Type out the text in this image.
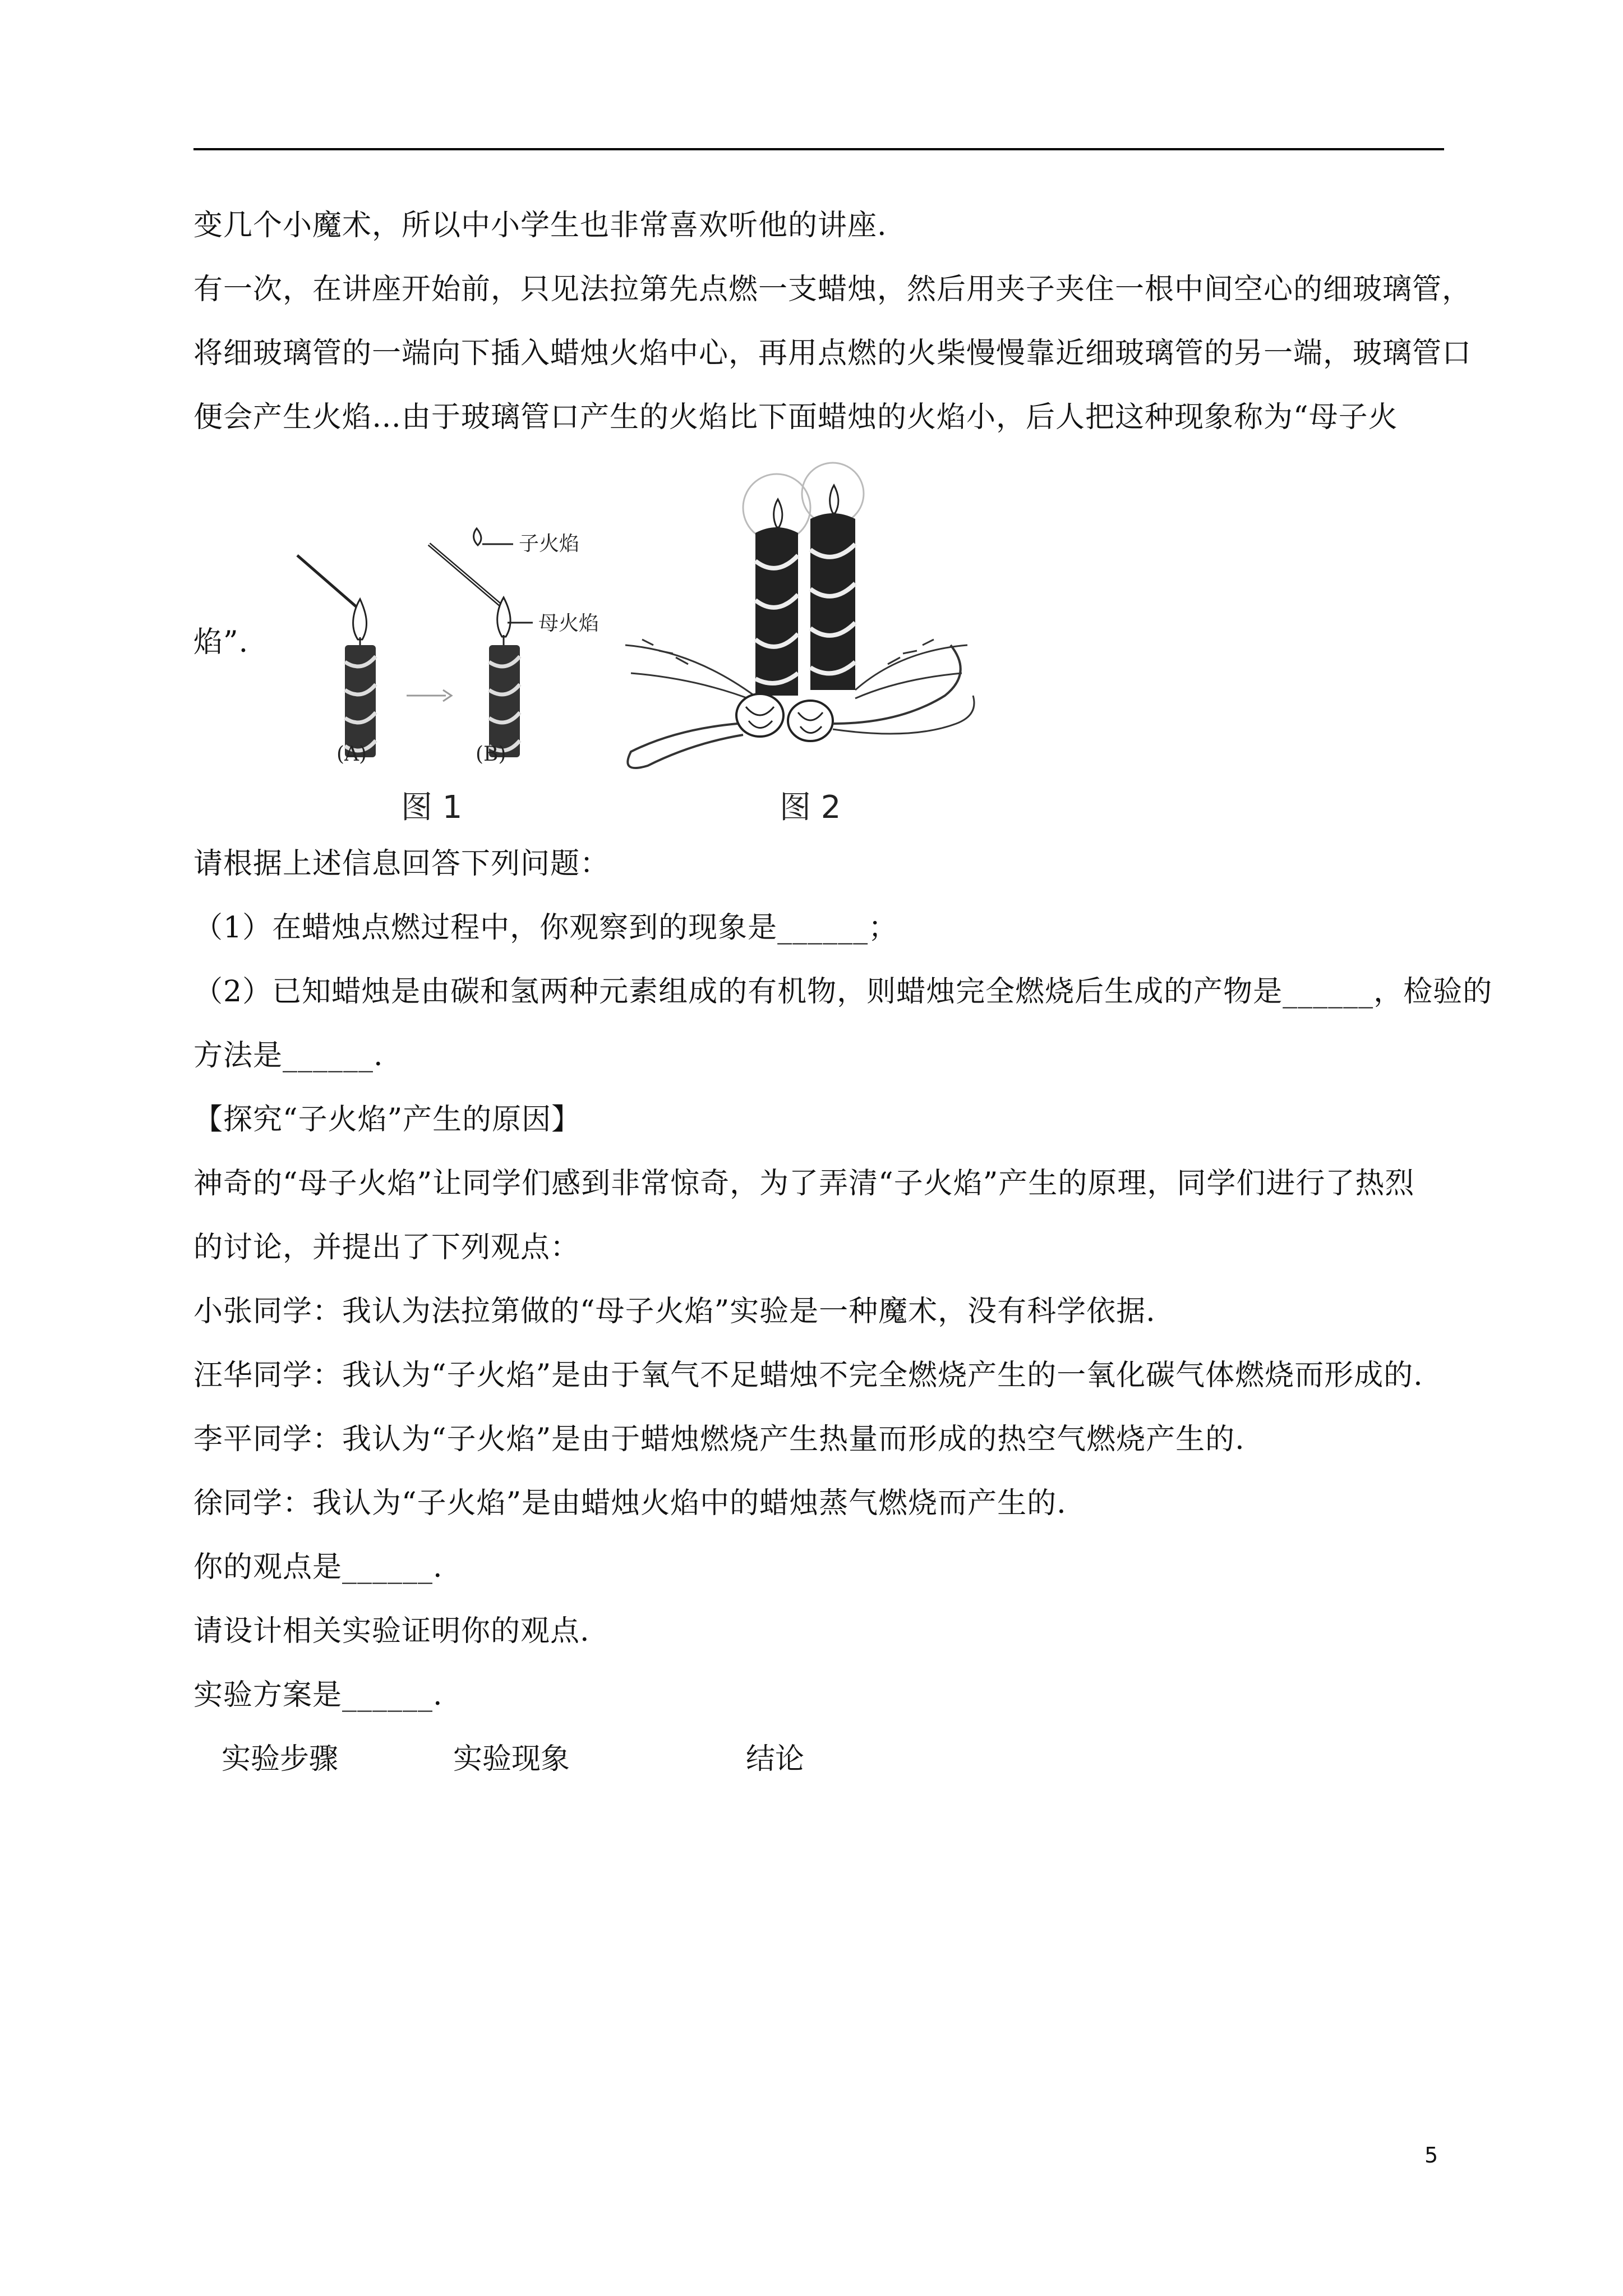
变几个小魔术，所以中小学生也非常喜欢听他的讲座.
有一次，在讲座开始前，只见法拉第先点燃一支蜡烛，然后用夹子夹住一根中间空心的细玻璃管，
将细玻璃管的一端向下插入蜡烛火焰中心，再用点燃的火柴慢慢靠近细玻璃管的另一端，玻璃管口
便会产生火焰…由于玻璃管口产生的火焰比下面蜡烛的火焰小，后人把这种现象称为“母子火
焰”.
子火焰
母火焰
(A)	(B)
图 1	图 2
请根据上述信息回答下列问题：
（1）在蜡烛点燃过程中，你观察到的现象是______；
（2）已知蜡烛是由碳和氢两种元素组成的有机物，则蜡烛完全燃烧后生成的产物是______，检验的
方法是______.
【探究“子火焰”产生的原因】
神奇的“母子火焰”让同学们感到非常惊奇，为了弄清“子火焰”产生的原理，同学们进行了热烈
的讨论，并提出了下列观点：
小张同学：我认为法拉第做的“母子火焰”实验是一种魔术，没有科学依据.
汪华同学：我认为“子火焰”是由于氧气不足蜡烛不完全燃烧产生的一氧化碳气体燃烧而形成的.
李平同学：我认为“子火焰”是由于蜡烛燃烧产生热量而形成的热空气燃烧产生的.
徐同学：我认为“子火焰”是由蜡烛火焰中的蜡烛蒸气燃烧而产生的.
你的观点是______.
请设计相关实验证明你的观点.
实验方案是______.
实验步骤	实验现象	结论
5
